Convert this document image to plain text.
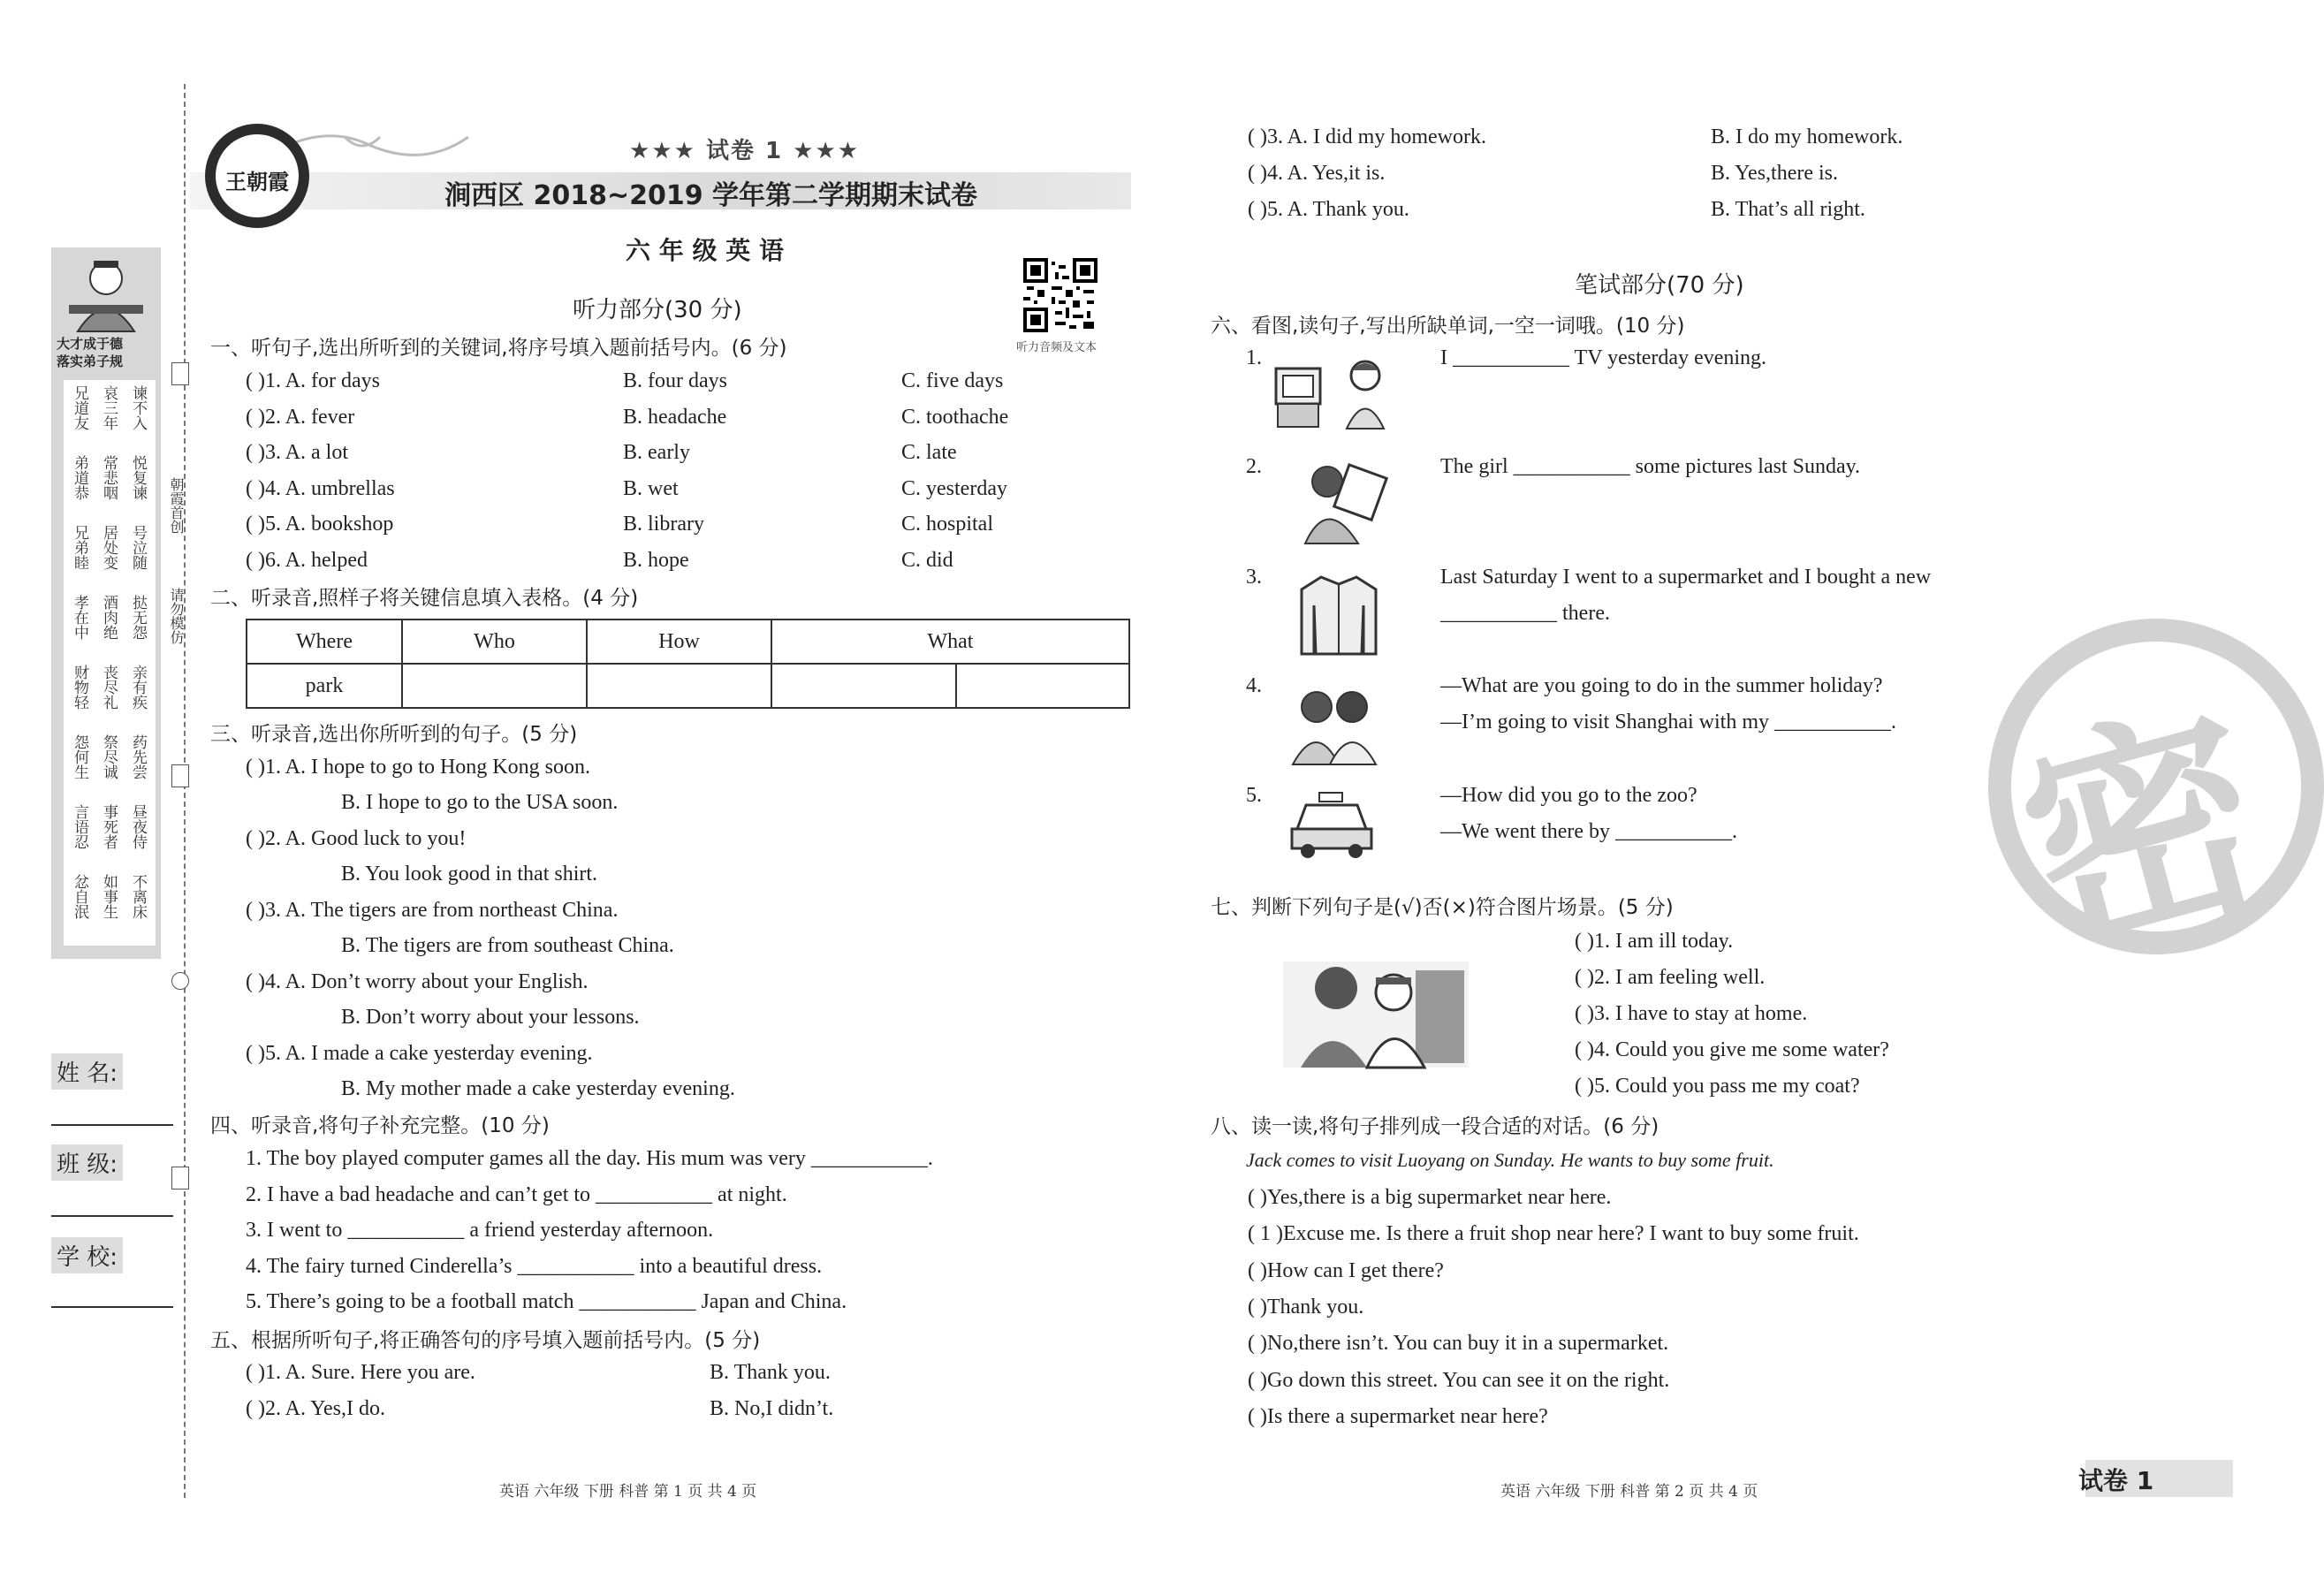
大才成于德
落实弟子规
兄道友
弟道恭
兄弟睦
孝在中
财物轻
怨何生
言语忍
忿自泯
哀三年
常悲咽
居处变
酒肉绝
丧尽礼
祭尽诚
事死者
如事生
谏不入
悦复谏
号泣随
挞无怨
亲有疾
药先尝
昼夜侍
不离床
朝霞首创
请勿模仿
姓 名:
班 级:
学 校:
王朝霞
★★★ 试卷 1 ★★★
涧西区 2018~2019 学年第二学期期末试卷
六 年 级 英 语
听力音频及文本
听力部分(30 分)
一、听句子,选出所听到的关键词,将序号填入题前括号内。(6 分)
( )1. A. for days	B. four days	C. five days
( )2. A. fever	B. headache	C. toothache
( )3. A. a lot	B. early	C. late
( )4. A. umbrellas	B. wet	C. yesterday
( )5. A. bookshop	B. library	C. hospital
( )6. A. helped	B. hope	C. did
二、听录音,照样子将关键信息填入表格。(4 分)
Where	Who	How	What	
park				
三、听录音,选出你所听到的句子。(5 分)
( )1. A. I hope to go to Hong Kong soon.
B. I hope to go to the USA soon.
( )2. A. Good luck to you!
B. You look good in that shirt.
( )3. A. The tigers are from northeast China.
B. The tigers are from southeast China.
( )4. A. Don’t worry about your English.
B. Don’t worry about your lessons.
( )5. A. I made a cake yesterday evening.
B. My mother made a cake yesterday evening.
四、听录音,将句子补充完整。(10 分)
1. The boy played computer games all the day. His mum was very ___________.
2. I have a bad headache and can’t get to ___________ at night.
3. I went to ___________ a friend yesterday afternoon.
4. The fairy turned Cinderella’s ___________ into a beautiful dress.
5. There’s going to be a football match ___________ Japan and China.
五、根据所听句子,将正确答句的序号填入题前括号内。(5 分)
( )1. A. Sure. Here you are.	B. Thank you.
( )2. A. Yes,I do.	B. No,I didn’t.
( )3. A. I did my homework.	B. I do my homework.
( )4. A. Yes,it is.	B. Yes,there is.
( )5. A. Thank you.	B. That’s all right.
笔试部分(70 分)
六、看图,读句子,写出所缺单词,一空一词哦。(10 分)
1.	I ___________ TV yesterday evening.
2.	The girl ___________ some pictures last Sunday.
3.	Last Saturday I went to a supermarket and I bought a new
___________ there.
4.	—What are you going to do in the summer holiday?
—I’m going to visit Shanghai with my ___________.
5.	—How did you go to the zoo?
—We went there by ___________.
七、判断下列句子是(√)否(×)符合图片场景。(5 分)
( )1. I am ill today.
( )2. I am feeling well.
( )3. I have to stay at home.
( )4. Could you give me some water?
( )5. Could you pass me my coat?
八、读一读,将句子排列成一段合适的对话。(6 分)
Jack comes to visit Luoyang on Sunday. He wants to buy some fruit.
( )Yes,there is a big supermarket near here.
( 1 )Excuse me. Is there a fruit shop near here? I want to buy some fruit.
( )How can I get there?
( )Thank you.
( )No,there isn’t. You can buy it in a supermarket.
( )Go down this street. You can see it on the right.
( )Is there a supermarket near here?
密
英语 六年级 下册 科普 第 1 页 共 4 页	英语 六年级 下册 科普 第 2 页 共 4 页	试卷 1
